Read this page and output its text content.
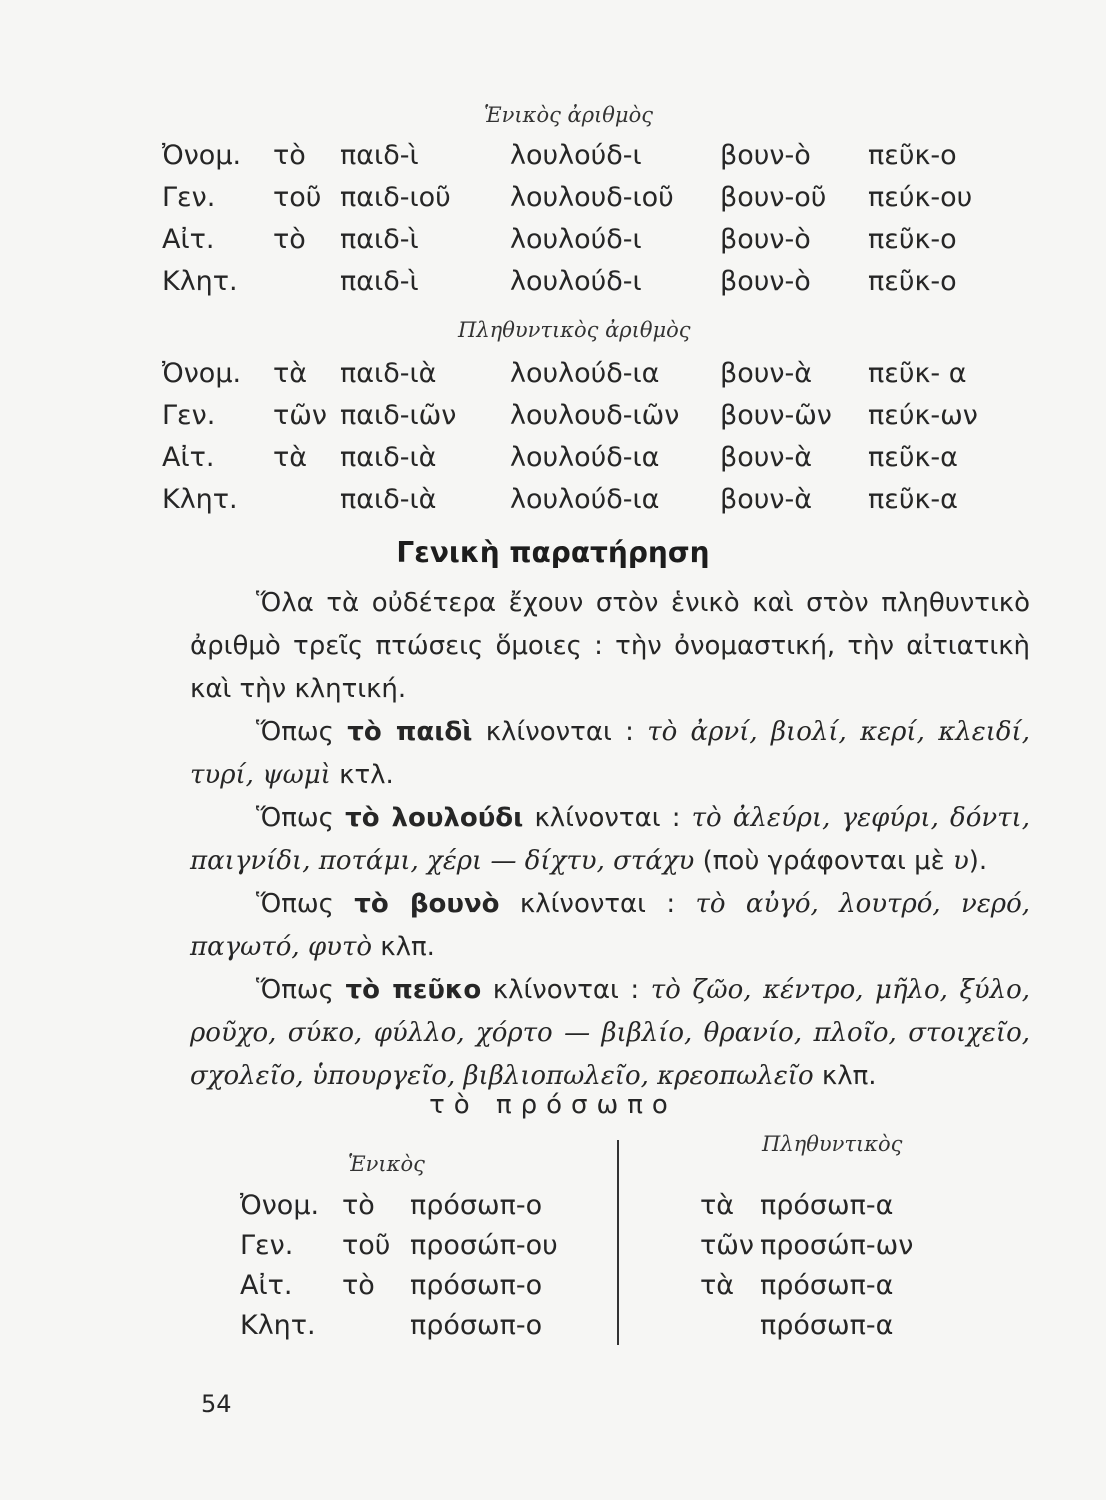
Ἑνικὸς ἀριθμὸς
Ὀνομ. τὸ παιδ-ὶ	λουλούδ-ι	βουν-ὸ πεῦκ-ο
Γεν. τοῦ παιδ-ιοῦ λουλουδ-ιοῦ βουν-οῦ πεύκ-ου
Αἰτ. τὸ παιδ-ὶ	λουλούδ-ι	βουν-ὸ πεῦκ-ο
Κλητ.	παιδ-ὶ	λουλούδ-ι	βουν-ὸ πεῦκ-ο
Πληθυντικὸς ἀριθμὸς
Ὀνομ. τὰ παιδ-ιὰ	λουλούδ-ια βουν-ὰ πεῦκ- α
Γεν. τῶν παιδ-ιῶν λουλουδ-ιῶν βουν-ῶν πεύκ-ων
Αἰτ. τὰ παιδ-ιὰ	λουλούδ-ια βουν-ὰ πεῦκ-α
Κλητ.	παιδ-ιὰ	λουλούδ-ια βουν-ὰ πεῦκ-α
Γενικὴ παρατήρηση

Ὅλα τὰ οὐδέτερα ἔχουν στὸν ἑνικὸ καὶ στὸν πληθυντικὸ ἀριθμὸ τρεῖς πτώσεις ὅμοιες : τὴν ὀνομαστική, τὴν αἰτιατικὴ καὶ τὴν κλητική.

Ὅπως τὸ παιδὶ κλίνονται : τὸ ἀρνί, βιολί, κερί, κλειδί, τυρί, ψωμὶ κτλ.

Ὅπως τὸ λουλούδι κλίνονται : τὸ ἀλεύρι, γεφύρι, δόντι, παιγνίδι, ποτάμι, χέρι — δίχτυ, στάχυ (ποὺ γράφονται μὲ υ).

Ὅπως τὸ βουνὸ κλίνονται : τὸ αὐγό, λουτρό, νερό, παγωτό, φυτὸ κλπ.

Ὅπως τὸ πεῦκο κλίνονται : τὸ ζῶο, κέντρο, μῆλο, ξύλο, ροῦχο, σύκο, φύλλο, χόρτο — βιβλίο, θρανίο, πλοῖο, στοιχεῖο, σχολεῖο, ὑπουργεῖο, βιβλιοπωλεῖο, κρεοπωλεῖο κλπ.

τὸ πρόσωπο
Ἑνικὸς
Πληθυντικὸς
Ὀνομ. τὸ πρόσωπ-ο	τὰ πρόσωπ-α
Γεν. τοῦ προσώπ-ου	τῶν προσώπ-ων
Αἰτ. τὸ πρόσωπ-ο	τὰ πρόσωπ-α
Κλητ.	πρόσωπ-ο	πρόσωπ-α
54
